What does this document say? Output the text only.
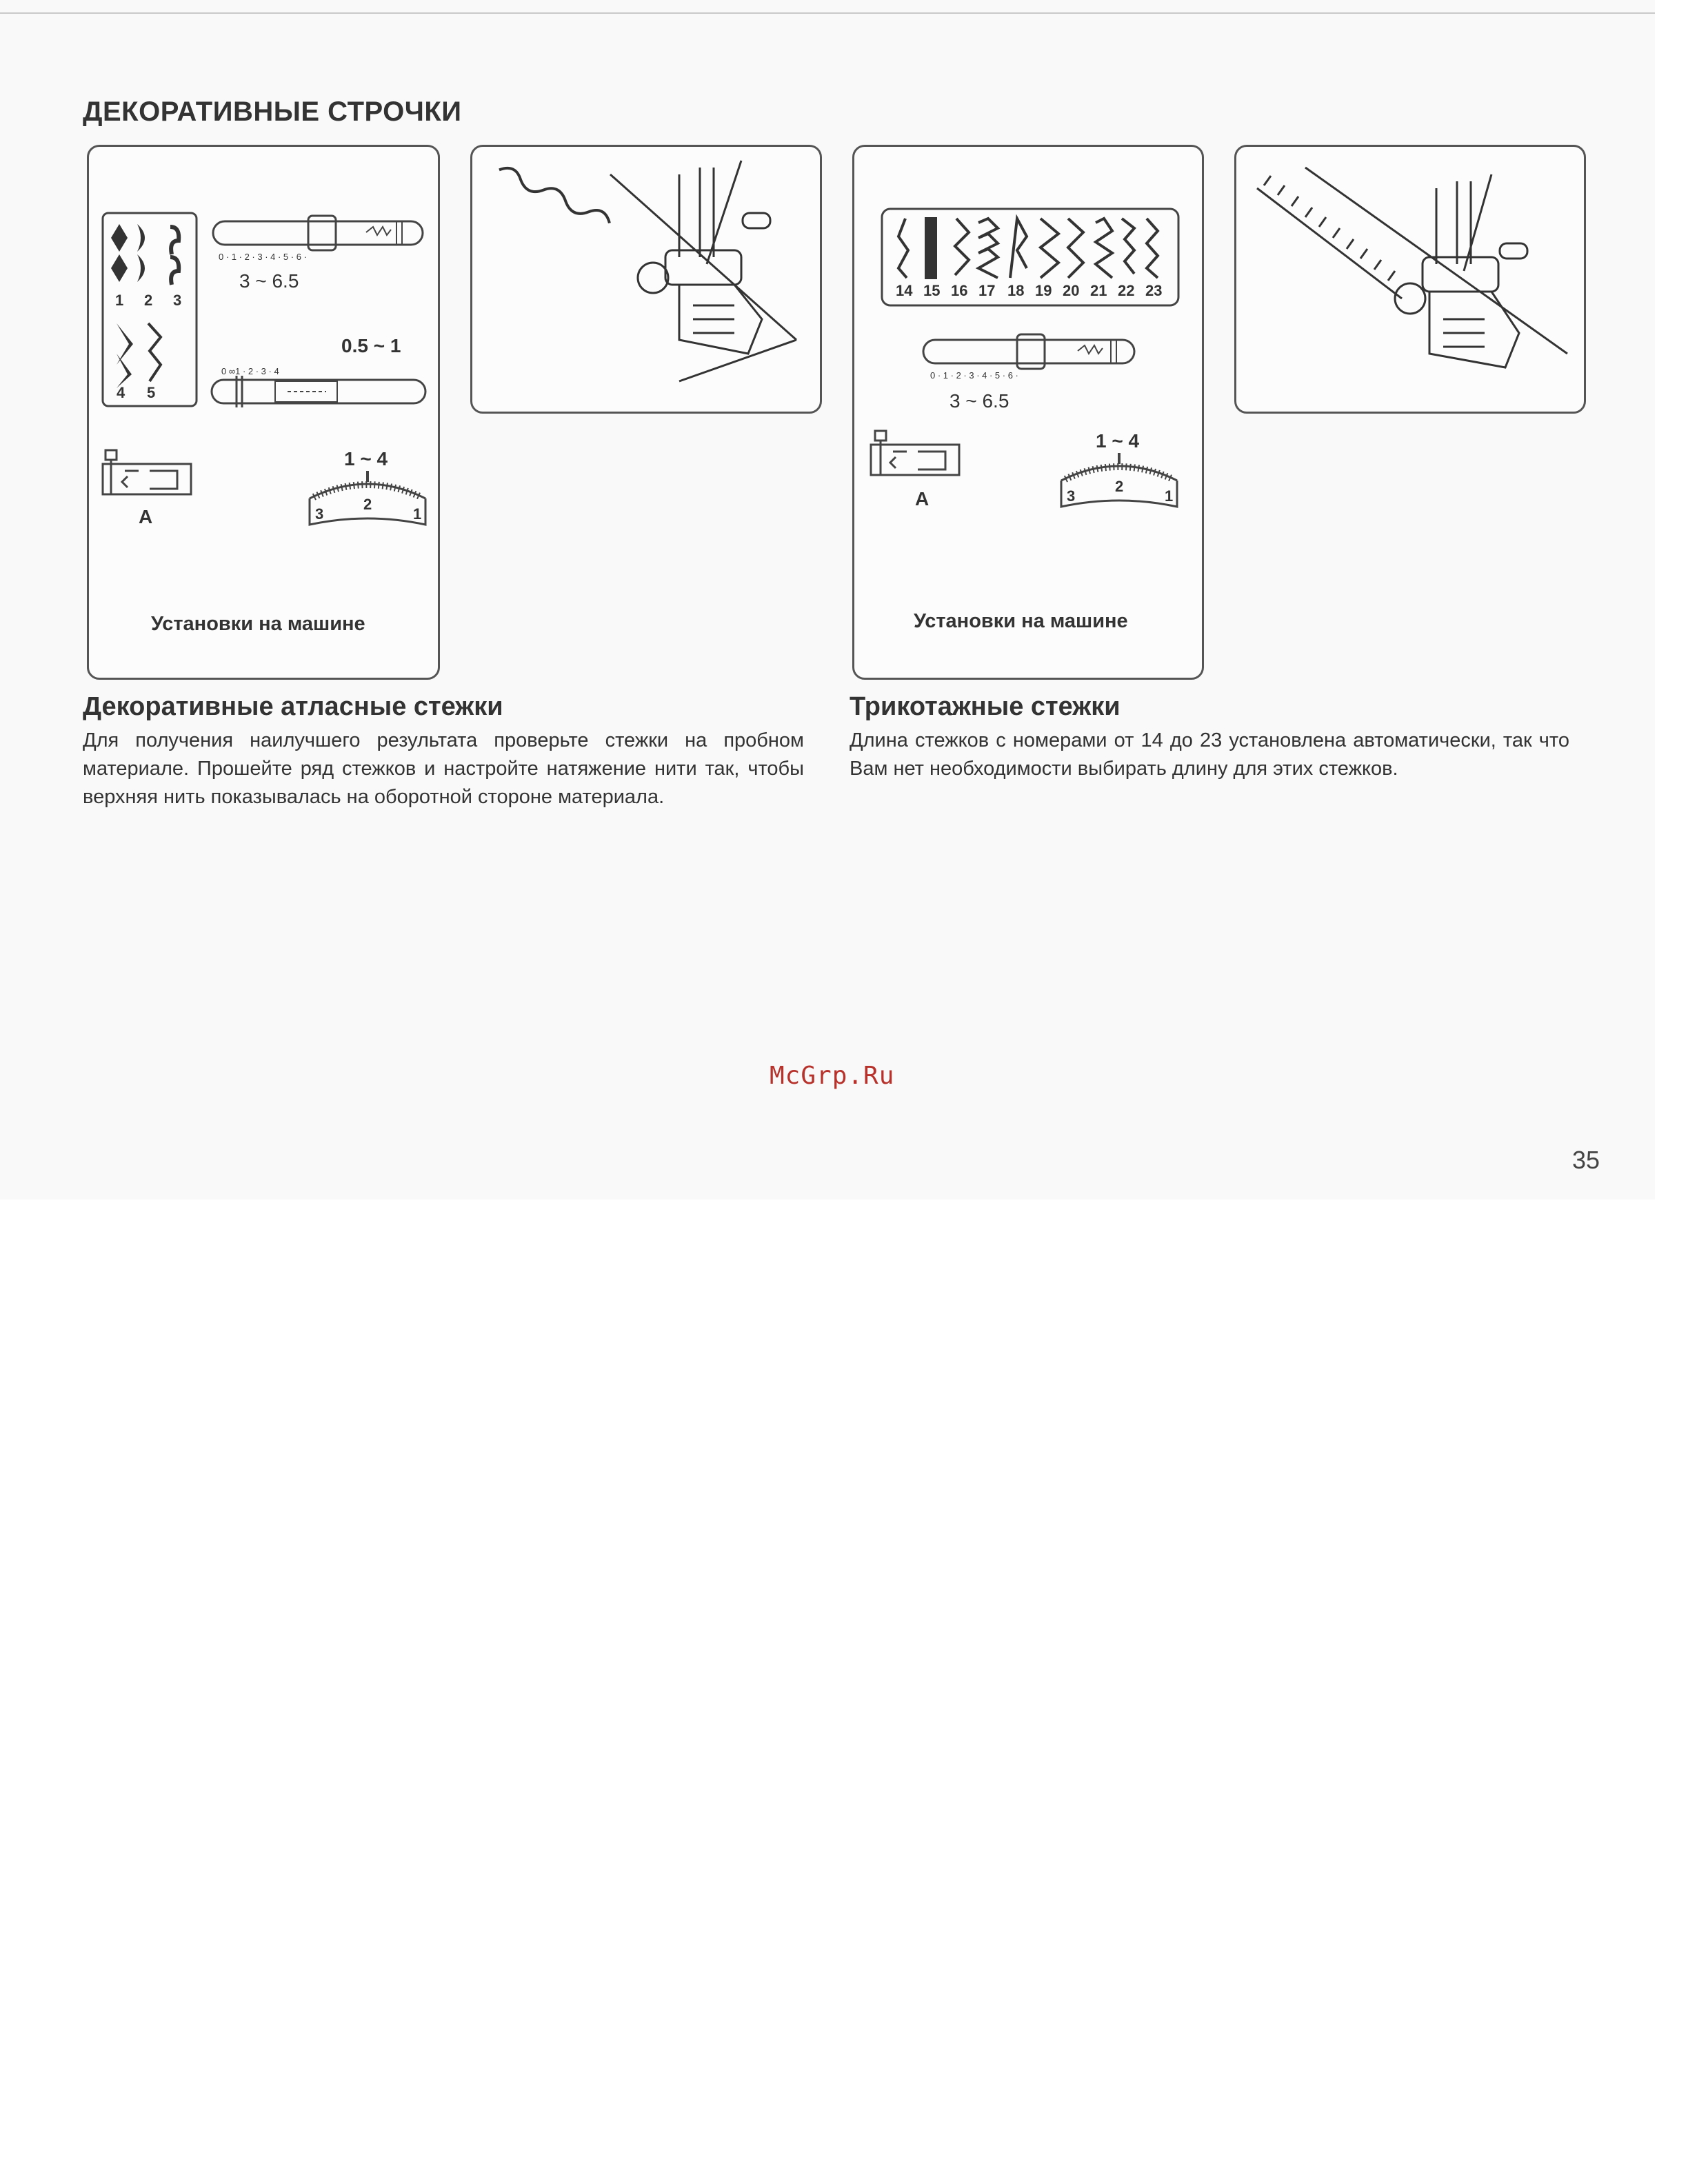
ДЕКОРАТИВНЫЕ СТРОЧКИ
1 2 3
4 5
0 · 1 · 2 · 3 · 4 · 5 · 6 ·
3 ~ 6.5
0.5 ~ 1
0 ∞1 · 2 · 3 · 4
A
1 ~ 4
3
2
1
Установки на машине
14 15 16 17 18 19 20 21 22 23
0 · 1 · 2 · 3 · 4 · 5 · 6 ·
3 ~ 6.5
A
1 ~ 4
3
2
1
Установки на машине
Декоративные атласные стежки
Для получения наилучшего результата проверьте стежки на пробном материале. Прошейте ряд стежков и настройте натяжение нити так, чтобы верхняя нить показывалась на оборотной стороне материала.
Трикотажные стежки
Длина стежков с номерами от 14 до 23 установлена автоматически, так что Вам нет необходимости выбирать длину для этих стежков.
McGrp.Ru
35
